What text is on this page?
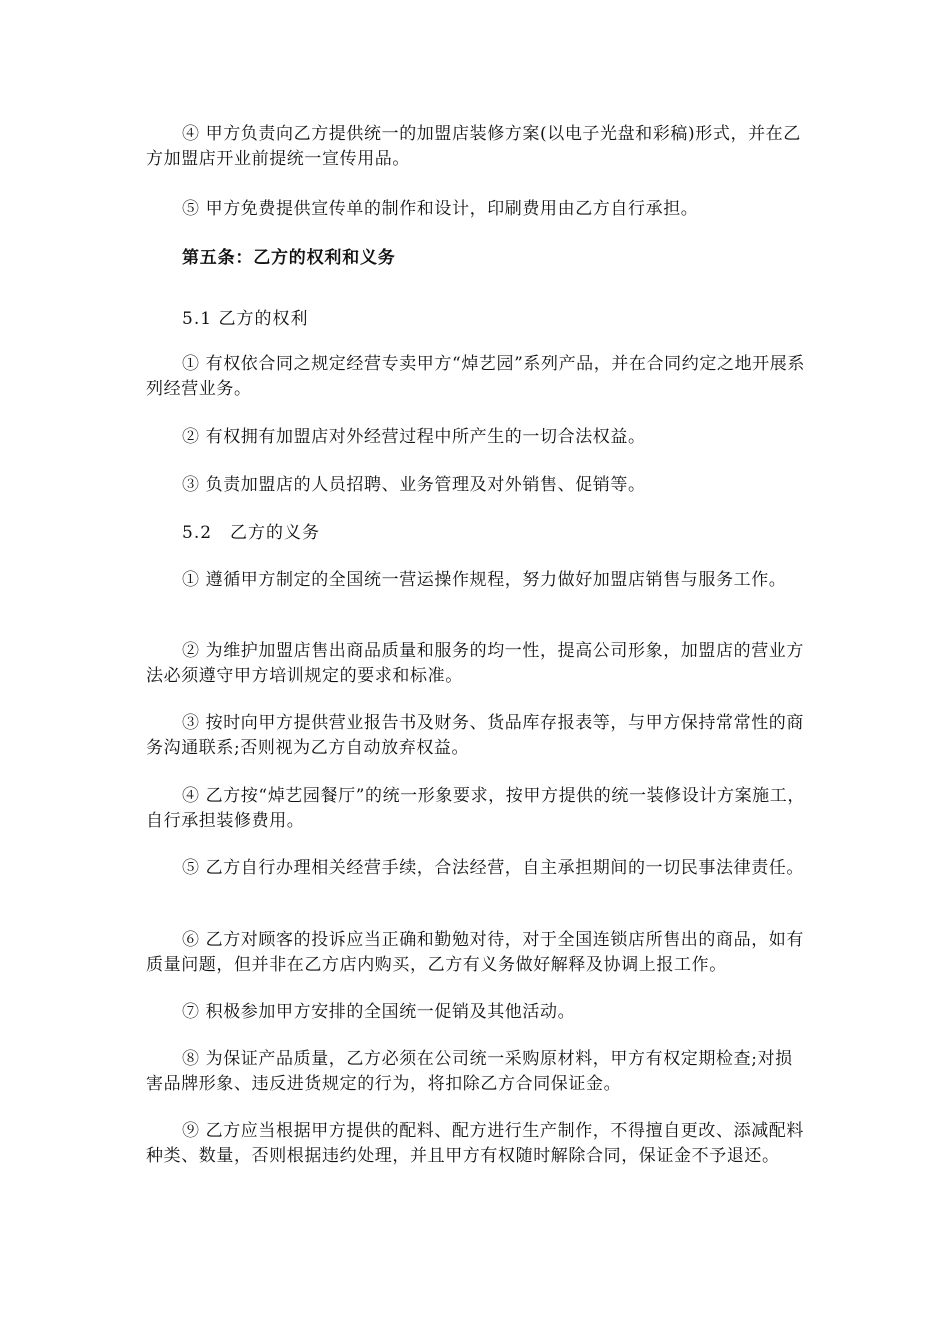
④ 甲方负责向乙方提供统一的加盟店装修方案(以电子光盘和彩稿)形式，并在乙方加盟店开业前提统一宣传用品。

⑤ 甲方免费提供宣传单的制作和设计，印刷费用由乙方自行承担。

第五条：乙方的权利和义务

5.1 乙方的权利

① 有权依合同之规定经营专卖甲方“焯艺园”系列产品，并在合同约定之地开展系列经营业务。

② 有权拥有加盟店对外经营过程中所产生的一切合法权益。

③ 负责加盟店的人员招聘、业务管理及对外销售、促销等。

5.2　乙方的义务

① 遵循甲方制定的全国统一营运操作规程，努力做好加盟店销售与服务工作。

② 为维护加盟店售出商品质量和服务的均一性，提高公司形象，加盟店的营业方法必须遵守甲方培训规定的要求和标准。

③ 按时向甲方提供营业报告书及财务、货品库存报表等，与甲方保持常常性的商务沟通联系;否则视为乙方自动放弃权益。

④ 乙方按“焯艺园餐厅”的统一形象要求，按甲方提供的统一装修设计方案施工，自行承担装修费用。

⑤ 乙方自行办理相关经营手续，合法经营，自主承担期间的一切民事法律责任。

⑥ 乙方对顾客的投诉应当正确和勤勉对待，对于全国连锁店所售出的商品，如有质量问题，但并非在乙方店内购买，乙方有义务做好解释及协调上报工作。

⑦ 积极参加甲方安排的全国统一促销及其他活动。

⑧ 为保证产品质量，乙方必须在公司统一采购原材料，甲方有权定期检查;对损害品牌形象、违反进货规定的行为，将扣除乙方合同保证金。

⑨ 乙方应当根据甲方提供的配料、配方进行生产制作，不得擅自更改、添减配料种类、数量，否则根据违约处理，并且甲方有权随时解除合同，保证金不予退还。
